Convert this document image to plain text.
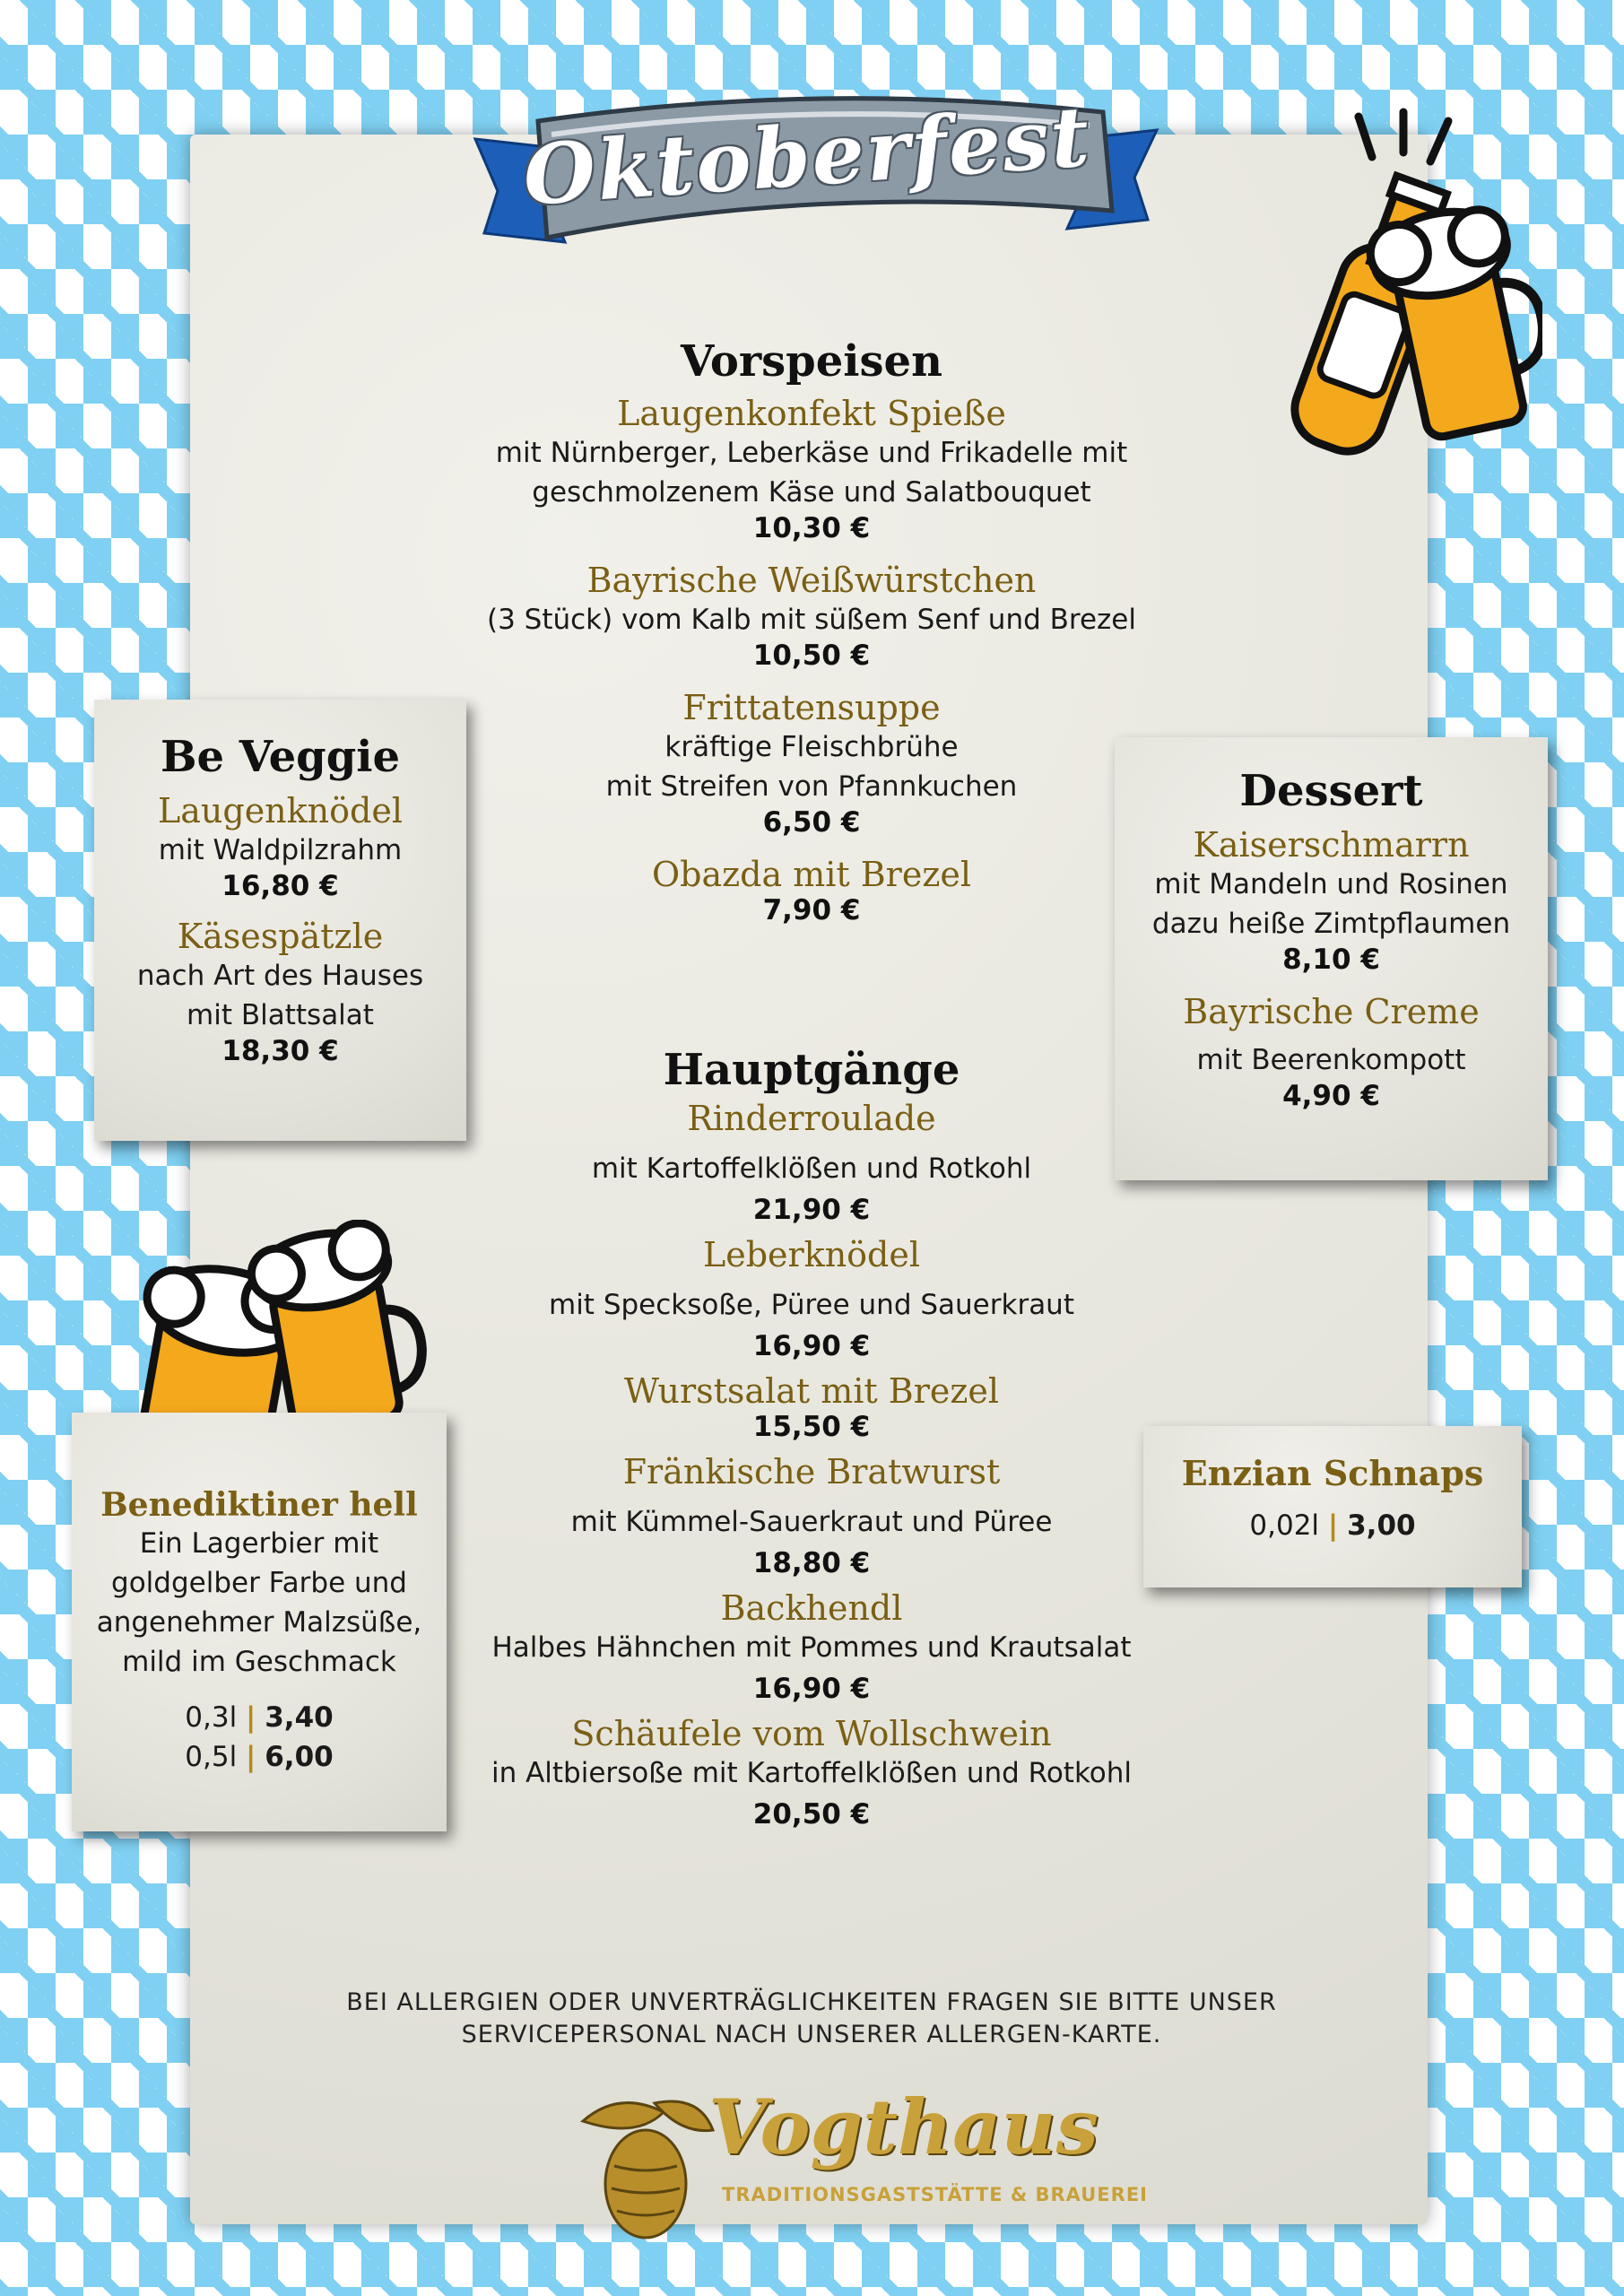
Oktoberfest

Vorspeisen

Laugenkonfekt Spieße

mit Nürnberger, Leberkäse und Frikadelle mit

geschmolzenem Käse und Salatbouquet

10,30 €

Bayrische Weißwürstchen

(3 Stück) vom Kalb mit süßem Senf und Brezel

10,50 €

Frittatensuppe

kräftige Fleischbrühe

mit Streifen von Pfannkuchen

6,50 €

Obazda mit Brezel

7,90 €

Hauptgänge

Rinderroulade

mit Kartoffelklößen und Rotkohl

21,90 €

Leberknödel

mit Specksoße, Püree und Sauerkraut

16,90 €

Wurstsalat mit Brezel

15,50 €

Fränkische Bratwurst

mit Kümmel-Sauerkraut und Püree

18,80 €

Backhendl

Halbes Hähnchen mit Pommes und Krautsalat

16,90 €

Schäufele vom Wollschwein

in Altbiersoße mit Kartoffelklößen und Rotkohl

20,50 €

Be Veggie

Laugenknödel

mit Waldpilzrahm

16,80 €

Käsespätzle

nach Art des Hauses

mit Blattsalat

18,30 €

Dessert

Kaiserschmarrn

mit Mandeln und Rosinen

dazu heiße Zimtpflaumen

8,10 €

Bayrische Creme

mit Beerenkompott

4,90 €

Benediktiner hell

Ein Lagerbier mit

goldgelber Farbe und

angenehmer Malzsüße,

mild im Geschmack

0,3l | 3,40

0,5l | 6,00

Enzian Schnaps

0,02l | 3,00

BEI ALLERGIEN ODER UNVERTRÄGLICHKEITEN FRAGEN SIE BITTE UNSER
SERVICEPERSONAL NACH UNSERER ALLERGEN-KARTE.
Vogthaus
TRADITIONSGASTSTÄTTE & BRAUEREI
